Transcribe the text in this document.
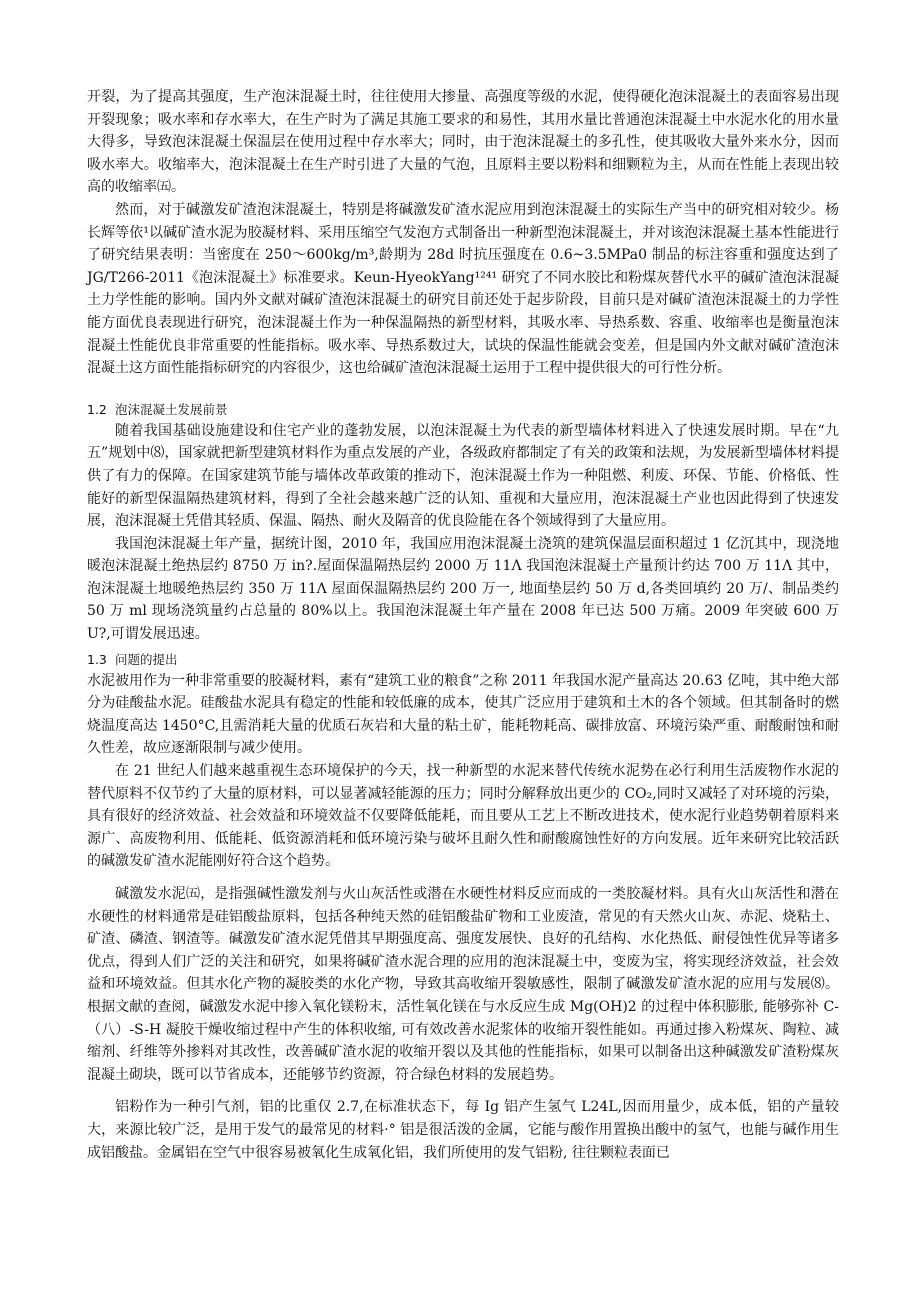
开裂，为了提高其强度，生产泡沫混凝土时，往往使用大掺量、高强度等级的水泥，使得硬化泡沫混凝土的表面容易出现开裂现象；吸水率和存水率大，在生产时为了满足其施工要求的和易性，其用水量比普通泡沫混凝土中水泥水化的用水量大得多，导致泡沫混凝土保温层在使用过程中存水率大；同时，由于泡沫混凝土的多孔性，使其吸收大量外来水分，因而吸水率大。收缩率大，泡沫混凝土在生产时引进了大量的气泡，且原料主要以粉料和细颗粒为主，从而在性能上表现出较高的收缩率㈤。

然而，对于碱激发矿渣泡沫混凝土，特别是将碱激发矿渣水泥应用到泡沫混凝土的实际生产当中的研究相对较少。杨长辉等依¹以碱矿渣水泥为胶凝材料、采用压缩空气发泡方式制备出一种新型泡沫混凝土，并对该泡沫混凝土基本性能进行了研究结果表明：当密度在 250～600kg/m³,龄期为 28d 时抗压强度在 0.6~3.5MPa0 制品的标注容重和强度达到了 JG/T266-2011《泡沫混凝土》标准要求。Keun-HyeokYang¹²⁴¹ 研究了不同水胶比和粉煤灰替代水平的碱矿渣泡沫混凝土力学性能的影响。国内外文献对碱矿渣泡沫混凝土的研究目前还处于起步阶段，目前只是对碱矿渣泡沫混凝土的力学性能方面优良表现进行研究，泡沫混凝土作为一种保温隔热的新型材料，其吸水率、导热系数、容重、收缩率也是衡量泡沫混凝土性能优良非常重要的性能指标。吸水率、导热系数过大，试块的保温性能就会变差，但是国内外文献对碱矿渣泡沫混凝土这方面性能指标研究的内容很少，这也给碱矿渣泡沫混凝土运用于工程中提供很大的可行性分析。

1.2 泡沫混凝土发展前景

随着我国基础设施建设和住宅产业的蓬勃发展，以泡沫混凝土为代表的新型墙体材料进入了快速发展时期。早在“九五”规划中⑻，国家就把新型建筑材料作为重点发展的产业，各级政府都制定了有关的政策和法规，为发展新型墙体材料提供了有力的保障。在国家建筑节能与墙体改革政策的推动下，泡沫混凝土作为一种阻燃、利废、环保、节能、价格低、性能好的新型保温隔热建筑材料，得到了全社会越来越广泛的认知、重视和大量应用，泡沫混凝土产业也因此得到了快速发展，泡沫混凝土凭借其轻质、保温、隔热、耐火及隔音的优良险能在各个领域得到了大量应用。

我国泡沫混凝土年产量，据统计图，2010 年，我国应用泡沫混凝土浇筑的建筑保温层面积超过 1 亿沉其中，现浇地暖泡沫混凝土绝热层约 8750 万 in?.屋面保温隔热层约 2000 万 11Λ 我国泡沫混凝土产量预计约达 700 万 11Λ 其中，泡沫混凝土地暖绝热层约 350 万 11Λ 屋面保温隔热层约 200 万一, 地面垫层约 50 万 d,各类回填约 20 万/、制品类约 50 万 ml 现场浇筑量约占总量的 80%以上。我国泡沫混凝土年产量在 2008 年已达 500 万痛。2009 年突破 600 万 U?,可谓发展迅速。

1.3 问题的提出

水泥被用作为一种非常重要的胶凝材料，素有“建筑工业的粮食”之称 2011 年我国水泥产量高达 20.63 亿吨，其中绝大部分为硅酸盐水泥。硅酸盐水泥具有稳定的性能和较低廉的成本，使其广泛应用于建筑和土木的各个领域。但其制备时的燃烧温度高达 1450°C,且需消耗大量的优质石灰岩和大量的粘土矿，能耗物耗高、碳排放富、环境污染严重、耐酸耐蚀和耐久性差，故应逐渐限制与减少使用。

在 21 世纪人们越来越重视生态环境保护的今天，找一种新型的水泥来替代传统水泥势在必行利用生活废物作水泥的替代原料不仅节约了大量的原材料，可以显著减轻能源的压力；同时分解释放出更少的 CO₂,同时又减轻了对环境的污染，具有很好的经济效益、社会效益和环境效益不仅要降低能耗，而且要从工艺上不断改进技术，使水泥行业趋势朝着原料来源广、高废物利用、低能耗、低资源消耗和低环境污染与破坏且耐久性和耐酸腐蚀性好的方向发展。近年来研究比较活跃的碱激发矿渣水泥能刚好符合这个趋势。

碱激发水泥㈤，是指强碱性激发剂与火山灰活性或潜在水硬性材料反应而成的一类胶凝材料。具有火山灰活性和潜在水硬性的材料通常是硅铝酸盐原料，包括各种纯天然的硅铝酸盐矿物和工业废渣，常见的有天然火山灰、赤泥、烧粘土、矿渣、磷渣、钢渣等。碱激发矿渣水泥凭借其早期强度高、强度发展快、良好的孔结构、水化热低、耐侵蚀性优异等诸多优点，得到人们广泛的关注和研究，如果将碱矿渣水泥合理的应用的泡沫混凝土中，变废为宝，将实现经济效益，社会效益和环境效益。但其水化产物的凝胶类的水化产物，导致其高收缩开裂敏感性，限制了碱激发矿渣水泥的应用与发展⑻。根据文献的查阅，碱激发水泥中掺入氧化镁粉末，活性氧化镁在与水反应生成 Mg(OH)2 的过程中体积膨胀, 能够弥补 C-（八）-S-H 凝胶干燥收缩过程中产生的体积收缩, 可有效改善水泥浆体的收缩开裂性能如。再通过掺入粉煤灰、陶粒、减缩剂、纤维等外掺料对其改性，改善碱矿渣水泥的收缩开裂以及其他的性能指标，如果可以制备出这种碱激发矿渣粉煤灰混凝土砌块，既可以节省成本，还能够节约资源，符合绿色材料的发展趋势。

铝粉作为一种引气剂，铝的比重仅 2.7,在标准状态下，每 Ig 铝产生氢气 L24L,因而用量少，成本低，铝的产量较大，来源比较广泛，是用于发气的最常见的材料·° 铝是很活泼的金属，它能与酸作用置换出酸中的氢气，也能与碱作用生成铝酸盐。金属铝在空气中很容易被氧化生成氧化铝，我们所使用的发气铝粉, 往往颗粒表面已
